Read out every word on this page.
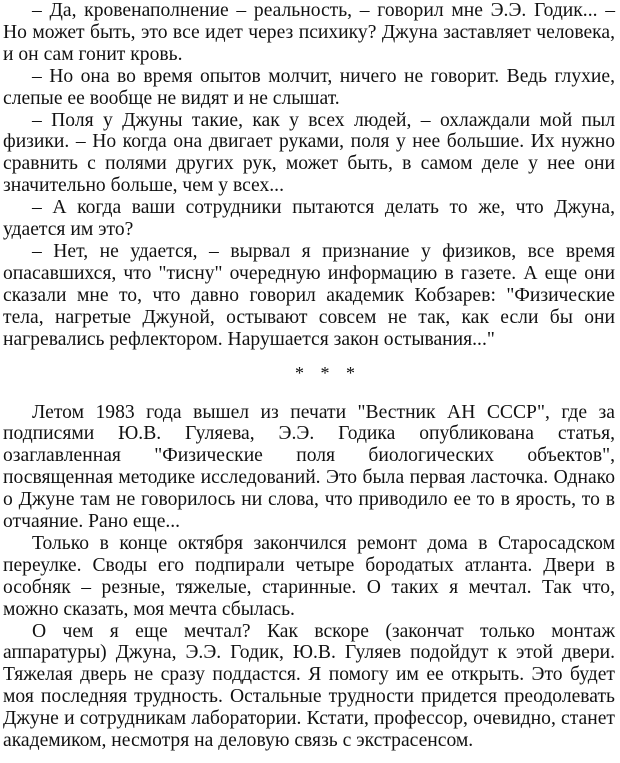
– Да, кровенаполнение – реальность, – говорил мне Э.Э. Годик... – Но может быть, это все идет через психику? Джуна заставляет человека, и он сам гонит кровь.

– Но она во время опытов молчит, ничего не говорит. Ведь глухие, слепые ее вообще не видят и не слышат.

– Поля у Джуны такие, как у всех людей, – охлаждали мой пыл физики. – Но когда она двигает руками, поля у нее большие. Их нужно сравнить с полями других рук, может быть, в самом деле у нее они значительно больше, чем у всех...

– А когда ваши сотрудники пытаются делать то же, что Джуна, удается им это?

– Нет, не удается, – вырвал я признание у физиков, все время опасавшихся, что "тисну" очередную информацию в газете. А еще они сказали мне то, что давно говорил академик Кобзарев: "Физические тела, нагретые Джуной, остывают совсем не так, как если бы они нагревались рефлектором. Нарушается закон остывания..."

* * *

Летом 1983 года вышел из печати "Вестник АН СССР", где за подписями Ю.В. Гуляева, Э.Э. Годика опубликована статья, озаглавленная "Физические поля биологических объектов", посвященная методике исследований. Это была первая ласточка. Однако о Джуне там не говорилось ни слова, что приводило ее то в ярость, то в отчаяние. Рано еще...

Только в конце октября закончился ремонт дома в Старосадском переулке. Своды его подпирали четыре бородатых атланта. Двери в особняк – резные, тяжелые, старинные. О таких я мечтал. Так что, можно сказать, моя мечта сбылась.

О чем я еще мечтал? Как вскоре (закончат только монтаж аппаратуры) Джуна, Э.Э. Годик, Ю.В. Гуляев подойдут к этой двери. Тяжелая дверь не сразу поддастся. Я помогу им ее открыть. Это будет моя последняя трудность. Остальные трудности придется преодолевать Джуне и сотрудникам лаборатории. Кстати, профессор, очевидно, станет академиком, несмотря на деловую связь с экстрасенсом.
